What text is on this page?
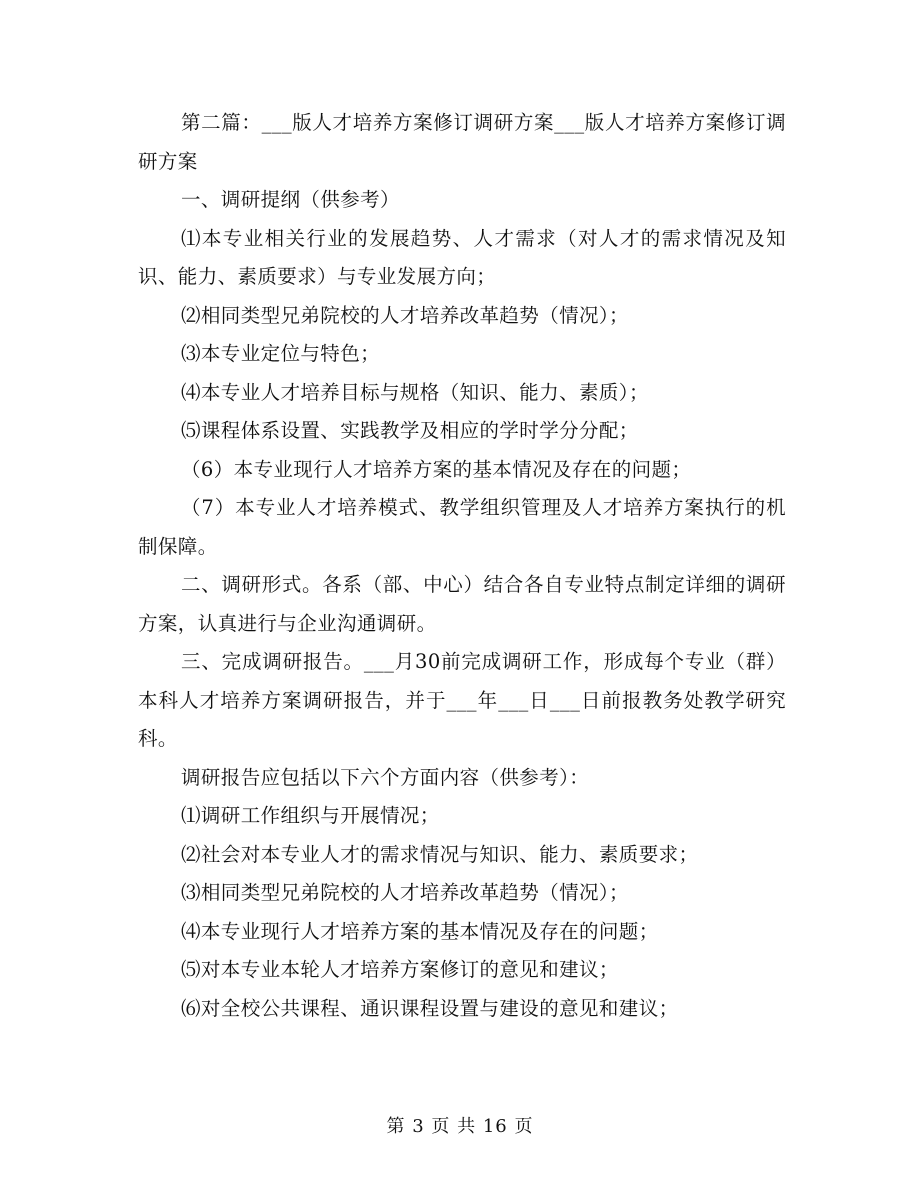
第二篇：___版人才培养方案修订调研方案___版人才培养方案修订调研方案

一、调研提纲（供参考）

⑴本专业相关行业的发展趋势、人才需求（对人才的需求情况及知识、能力、素质要求）与专业发展方向；

⑵相同类型兄弟院校的人才培养改革趋势（情况）；

⑶本专业定位与特色；

⑷本专业人才培养目标与规格（知识、能力、素质）；

⑸课程体系设置、实践教学及相应的学时学分分配；

（6）本专业现行人才培养方案的基本情况及存在的问题；

（7）本专业人才培养模式、教学组织管理及人才培养方案执行的机制保障。

二、调研形式。各系（部、中心）结合各自专业特点制定详细的调研方案，认真进行与企业沟通调研。

三、完成调研报告。___月30前完成调研工作，形成每个专业（群）本科人才培养方案调研报告，并于___年___日___日前报教务处教学研究科。

调研报告应包括以下六个方面内容（供参考）：

⑴调研工作组织与开展情况；

⑵社会对本专业人才的需求情况与知识、能力、素质要求；

⑶相同类型兄弟院校的人才培养改革趋势（情况）；

⑷本专业现行人才培养方案的基本情况及存在的问题；

⑸对本专业本轮人才培养方案修订的意见和建议；

⑹对全校公共课程、通识课程设置与建设的意见和建议；

第 3 页 共 16 页
